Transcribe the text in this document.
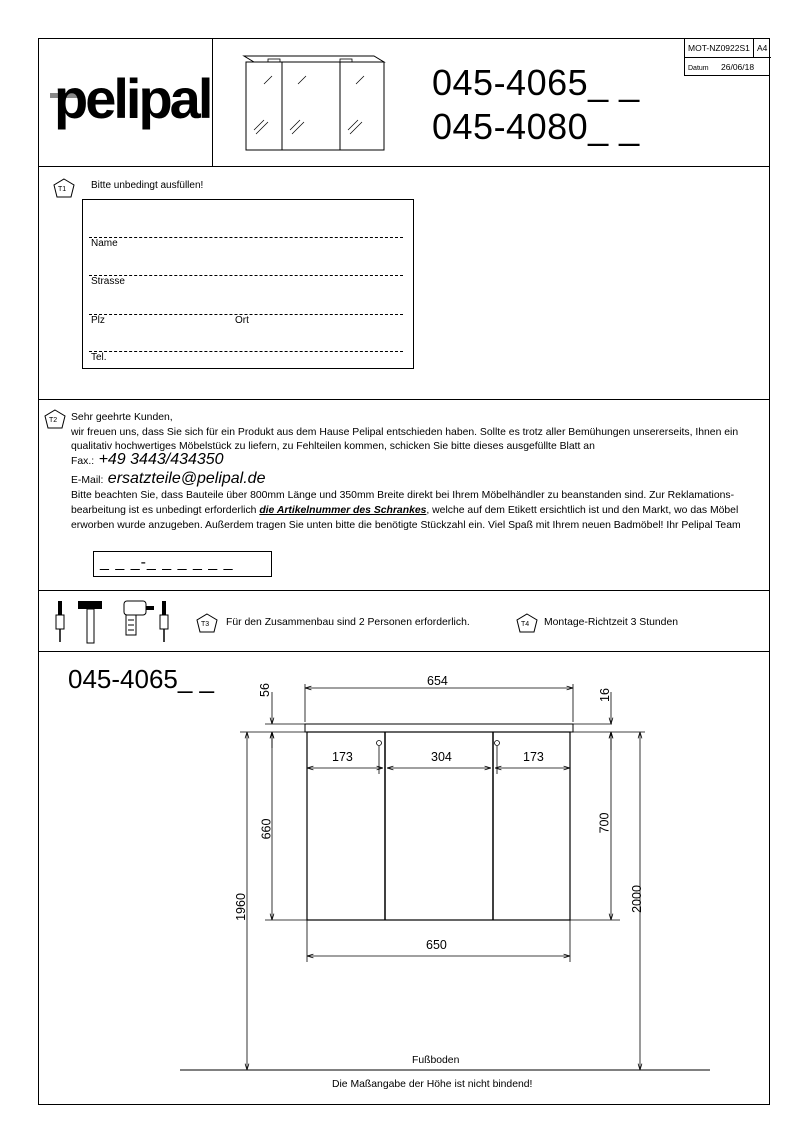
pelipal	045-4065_ _
045-4080_ _
MOT-NZ0922S1 A4
Datum 26/06/18
T1 Bitte unbedingt ausfüllen!
Name
Strasse
Plz	Ort
Tel.
T2 Sehr geehrte Kunden,
wir freuen uns, dass Sie sich für ein Produkt aus dem Hause Pelipal entschieden haben. Sollte es trotz aller Bemühungen unsererseits, Ihnen ein
qualitativ hochwertiges Möbelstück zu liefern, zu Fehlteilen kommen, schicken Sie bitte dieses ausgefüllte Blatt an
Fax.: +49 3443/434350
E-Mail: ersatzteile@pelipal.de
Bitte beachten Sie, dass Bauteile über 800mm Länge und 350mm Breite direkt bei Ihrem Möbelhändler zu beanstanden sind. Zur Reklamations-
bearbeitung ist es unbedingt erforderlich die Artikelnummer des Schrankes, welche auf dem Etikett ersichtlich ist und den Markt, wo das Möbel
erworben wurde anzugeben. Außerdem tragen Sie unten bitte die benötigte Stückzahl ein. Viel Spaß mit Ihrem neuen Badmöbel! Ihr Pelipal Team
_ _ _-_ _ _ _ _ _
T3 Für den Zusammenbau sind 2 Personen erforderlich.	T4 Montage-Richtzeit 3 Stunden
045-4065_ _	654
56	16
173	304	173
660	700
1960	2000
650
Fußboden
Die Maßangabe der Höhe ist nicht bindend!
